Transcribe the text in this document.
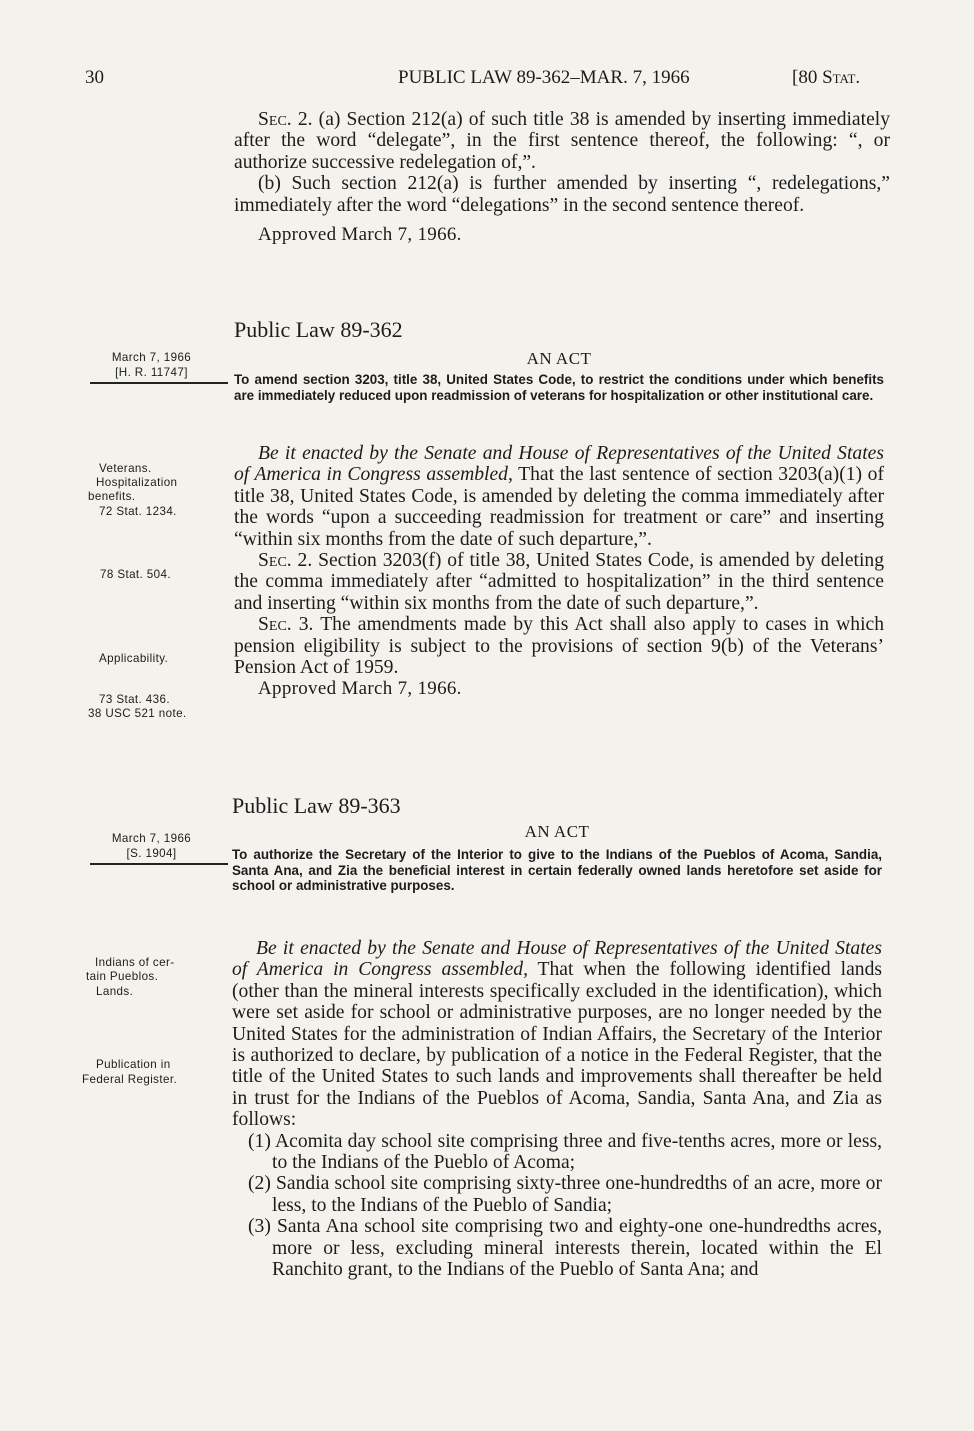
30	PUBLIC LAW 89-362–MAR. 7, 1966	[80 Stat.
Sec. 2. (a) Section 212(a) of such title 38 is amended by inserting immediately after the word “delegate”, in the first sentence thereof, the following: “, or authorize successive redelegation of,”.
(b) Such section 212(a) is further amended by inserting “, redelegations,” immediately after the word “delegations” in the second sentence thereof.
Approved March 7, 1966.
Public Law 89-362
AN ACT
March 7, 1966
[H. R. 11747]	To amend section 3203, title 38, United States Code, to restrict the conditions under which benefits are immediately reduced upon readmission of veterans for hospitalization or other institutional care.
Be it enacted by the Senate and House of Representatives of the United States of America in Congress assembled, That the last sentence of section 3203(a)(1) of title 38, United States Code, is amended by deleting the comma immediately after the words “upon a succeeding readmission for treatment or care” and inserting “within six months from the date of such departure,”.
Sec. 2. Section 3203(f) of title 38, United States Code, is amended by deleting the comma immediately after “admitted to hospitalization” in the third sentence and inserting “within six months from the date of such departure,”.
Sec. 3. The amendments made by this Act shall also apply to cases in which pension eligibility is subject to the provisions of section 9(b) of the Veterans’ Pension Act of 1959.
Approved March 7, 1966.
Veterans.
Hospitalization
benefits.
72 Stat. 1234.
78 Stat. 504.
Applicability.
73 Stat. 436.
38 USC 521 note.
Public Law 89-363
AN ACT
March 7, 1966
[S. 1904]	To authorize the Secretary of the Interior to give to the Indians of the Pueblos of Acoma, Sandia, Santa Ana, and Zia the beneficial interest in certain federally owned lands heretofore set aside for school or administrative purposes.
Be it enacted by the Senate and House of Representatives of the United States of America in Congress assembled, That when the following identified lands (other than the mineral interests specifically excluded in the identification), which were set aside for school or administrative purposes, are no longer needed by the United States for the administration of Indian Affairs, the Secretary of the Interior is authorized to declare, by publication of a notice in the Federal Register, that the title of the United States to such lands and improvements shall thereafter be held in trust for the Indians of the Pueblos of Acoma, Sandia, Santa Ana, and Zia as follows:
(1) Acomita day school site comprising three and five-tenths acres, more or less, to the Indians of the Pueblo of Acoma;
(2) Sandia school site comprising sixty-three one-hundredths of an acre, more or less, to the Indians of the Pueblo of Sandia;
(3) Santa Ana school site comprising two and eighty-one one-hundredths acres, more or less, excluding mineral interests therein, located within the El Ranchito grant, to the Indians of the Pueblo of Santa Ana; and
Indians of cer-
tain Pueblos.
Lands.
Publication in
Federal Register.
